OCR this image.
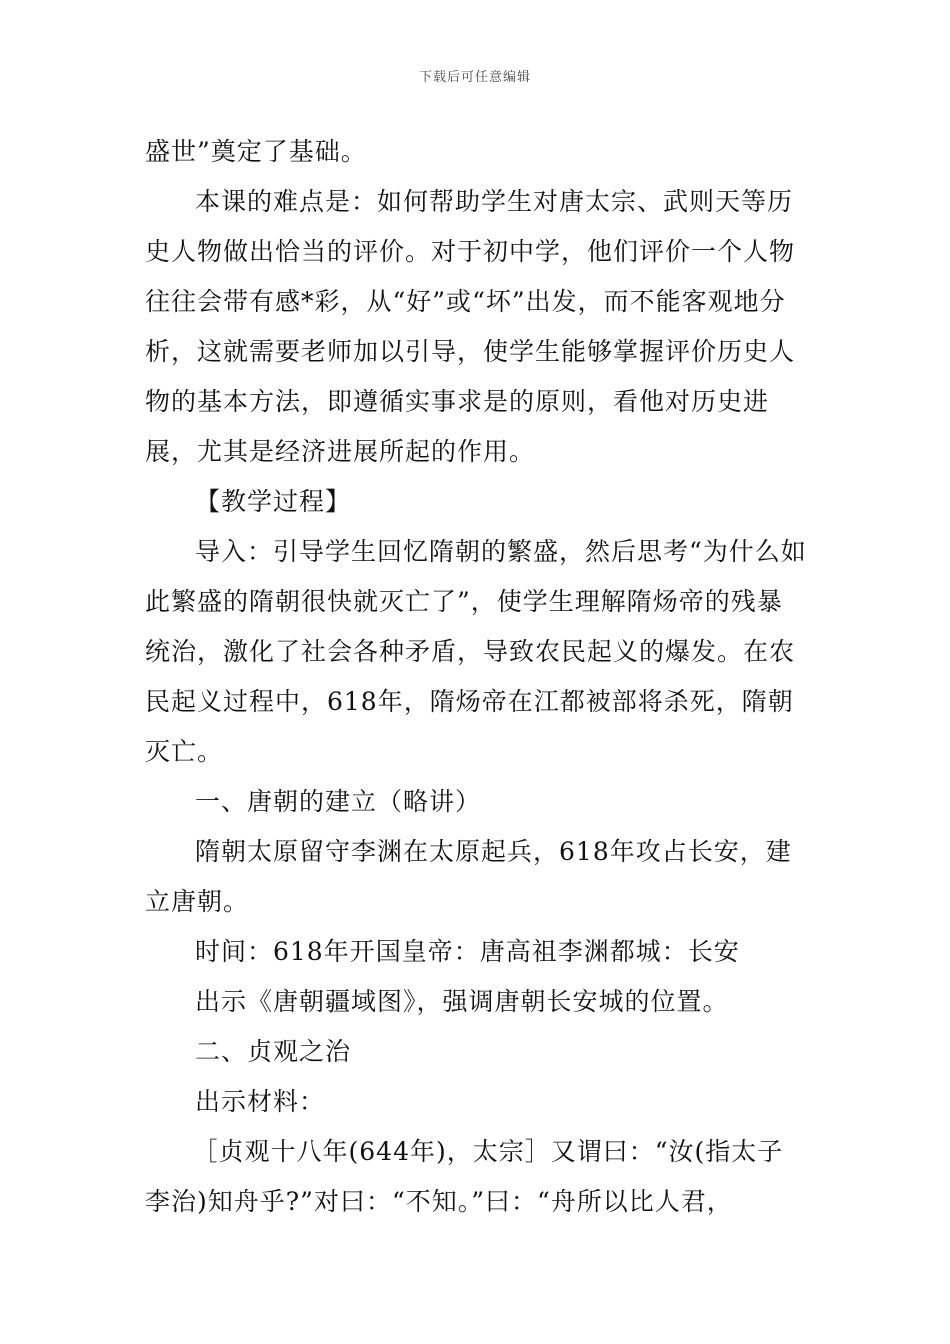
下载后可任意编辑

盛世”奠定了基础。

本课的难点是：如何帮助学生对唐太宗、武则天等历史人物做出恰当的评价。对于初中学，他们评价一个人物往往会带有感*彩，从“好”或“坏”出发，而不能客观地分析，这就需要老师加以引导，使学生能够掌握评价历史人物的基本方法，即遵循实事求是的原则，看他对历史进展，尤其是经济进展所起的作用。

【教学过程】

导入：引导学生回忆隋朝的繁盛，然后思考“为什么如此繁盛的隋朝很快就灭亡了”，使学生理解隋炀帝的残暴统治，激化了社会各种矛盾，导致农民起义的爆发。在农民起义过程中，618年，隋炀帝在江都被部将杀死，隋朝灭亡。

一、唐朝的建立（略讲）

隋朝太原留守李渊在太原起兵，618年攻占长安，建立唐朝。

时间：618年开国皇帝：唐高祖李渊都城：长安

出示《唐朝疆域图》，强调唐朝长安城的位置。

二、贞观之治

出示材料：

［贞观十八年(644年)，太宗］又谓曰：“汝(指太子李治)知舟乎?”对曰：“不知。”曰：“舟所以比人君，
